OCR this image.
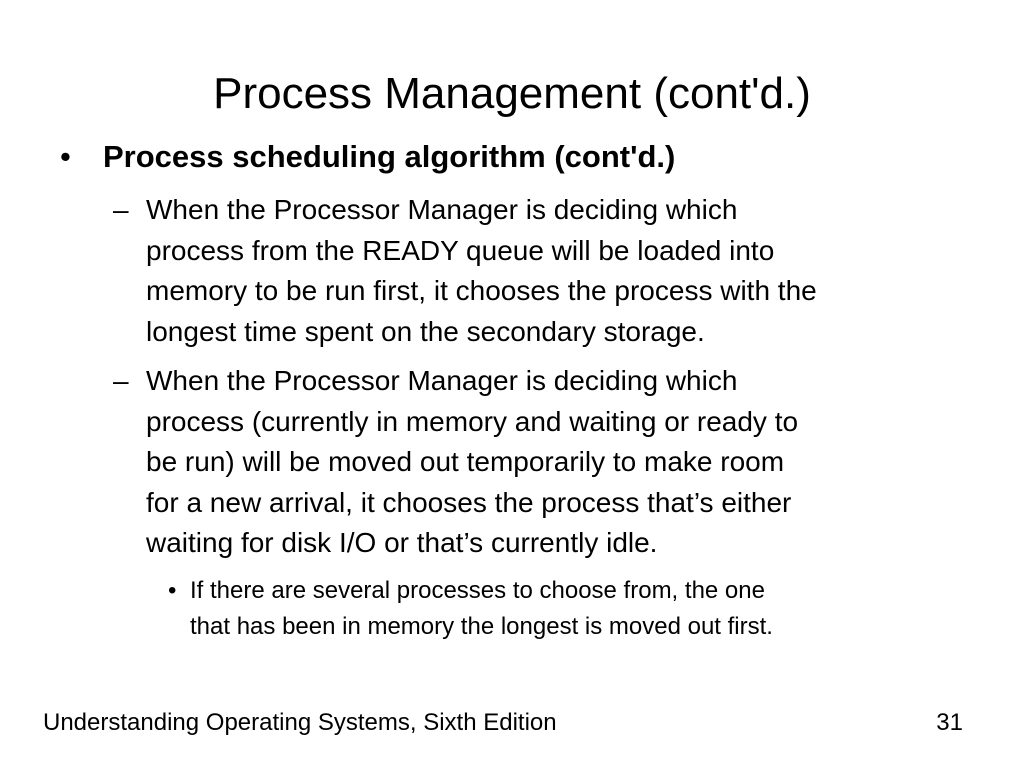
Process Management (cont'd.)
• Process scheduling algorithm (cont'd.)
– When the Processor Manager is deciding which
process from the READY queue will be loaded into
memory to be run first, it chooses the process with the
longest time spent on the secondary storage.
– When the Processor Manager is deciding which
process (currently in memory and waiting or ready to
be run) will be moved out temporarily to make room
for a new arrival, it chooses the process that’s either
waiting for disk I/O or that’s currently idle.
• If there are several processes to choose from, the one
that has been in memory the longest is moved out first.
Understanding Operating Systems, Sixth Edition	31
